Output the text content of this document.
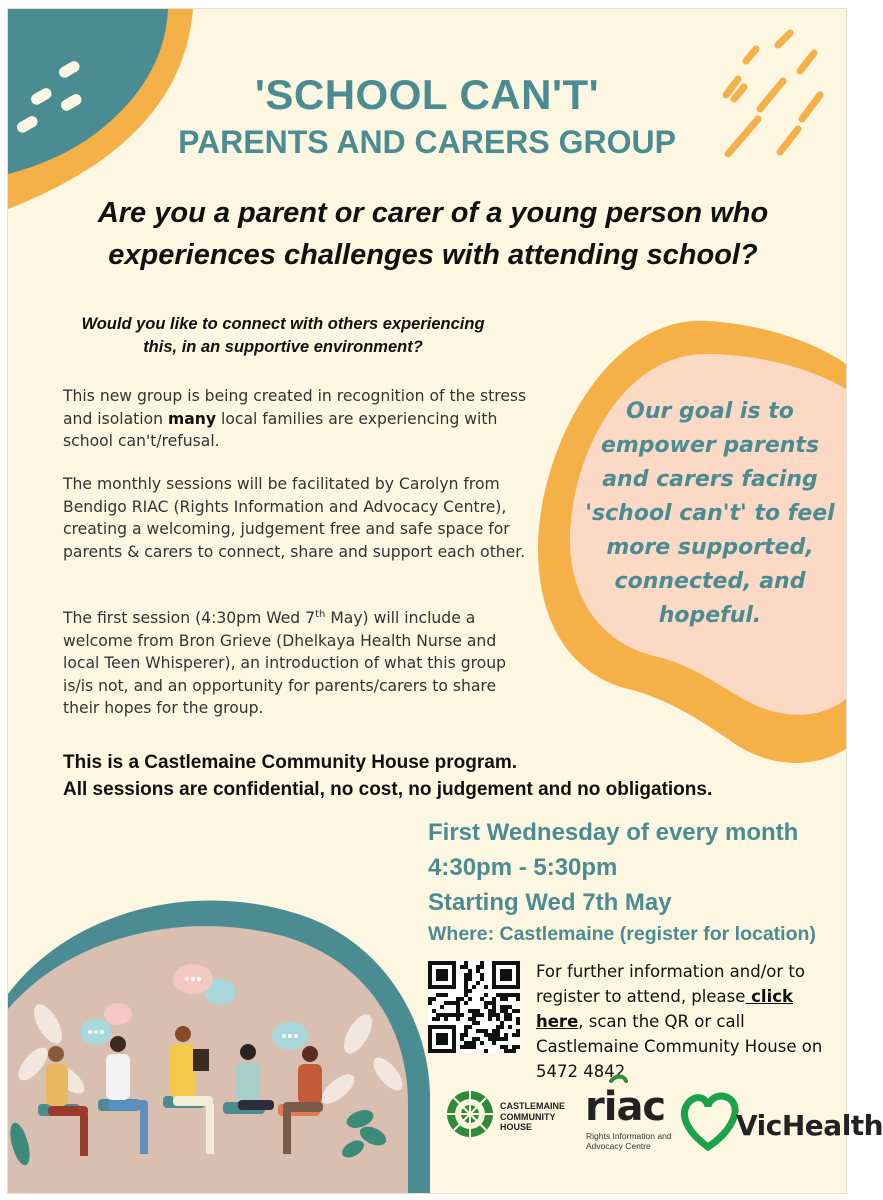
'SCHOOL CAN'T'
PARENTS AND CARERS GROUP
Are you a parent or carer of a young person who
experiences challenges with attending school?
Would you like to connect with others experiencing
this, in an supportive environment?

This new group is being created in recognition of the stress and isolation many local families are experiencing with school can't/refusal.

The monthly sessions will be facilitated by Carolyn from Bendigo RIAC (Rights Information and Advocacy Centre), creating a welcoming, judgement free and safe space for parents & carers to connect, share and support each other.

The first session (4:30pm Wed 7th May) will include a welcome from Bron Grieve (Dhelkaya Health Nurse and local Teen Whisperer), an introduction of what this group is/is not, and an opportunity for parents/carers to share their hopes for the group.

This is a Castlemaine Community House program.
All sessions are confidential, no cost, no judgement and no obligations.
Our goal is to empower parents and carers facing 'school can't' to feel more supported, connected, and hopeful.
First Wednesday of every month
4:30pm - 5:30pm
Starting Wed 7th May
Where: Castlemaine (register for location)
For further information and/or to register to attend, please click here, scan the QR or call Castlemaine Community House on 5472 4842
CASTLEMAINE COMMUNITY HOUSE	riac
Rights Information and Advocacy Centre
VicHealth
